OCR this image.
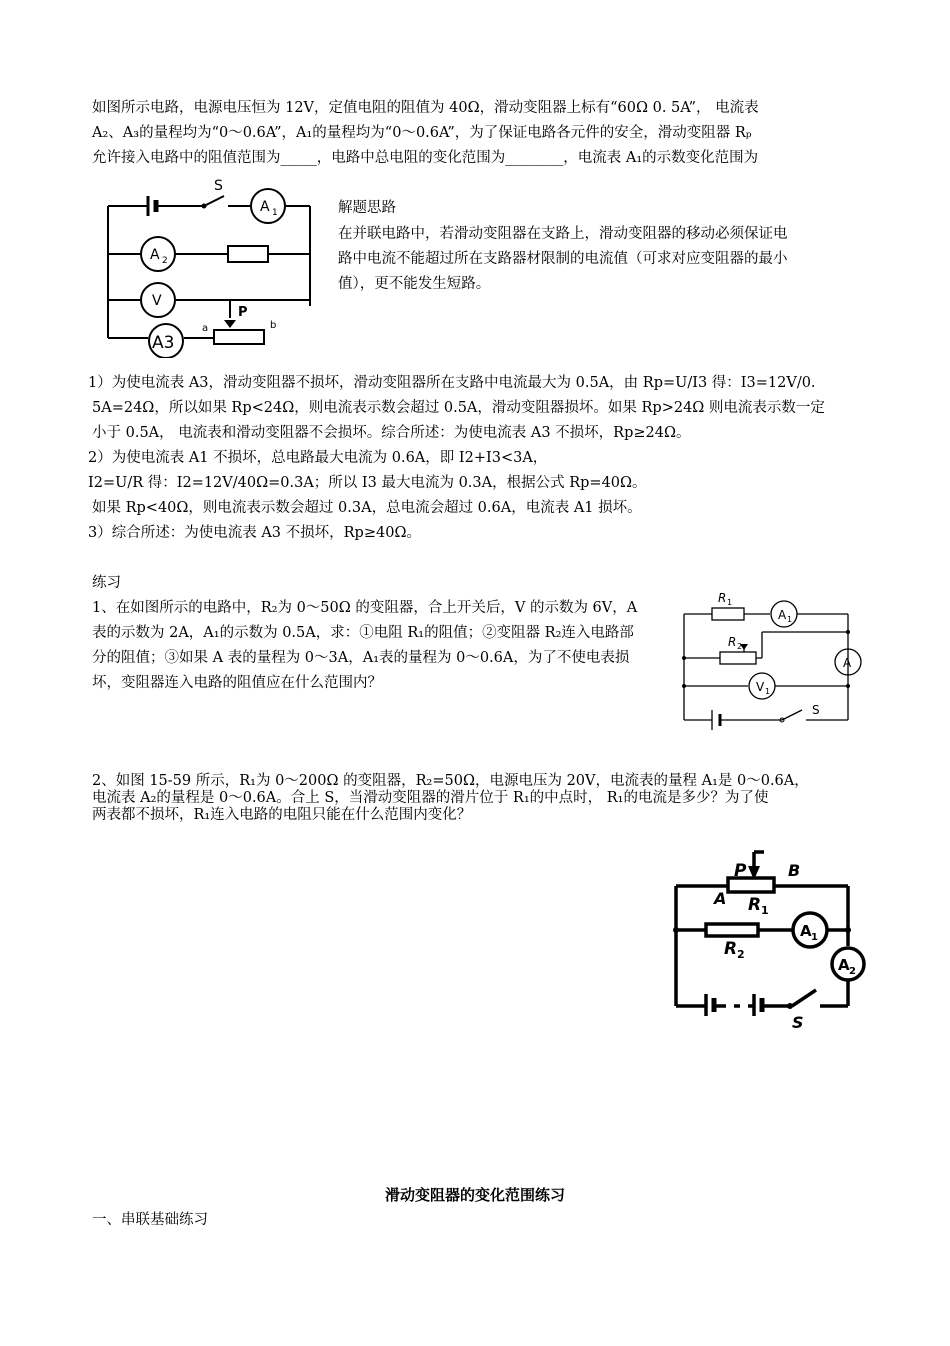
如图所示电路，电源电压恒为 12V，定值电阻的阻值为 40Ω，滑动变阻器上标有“60Ω 0. 5A”， 电流表
A₂、A₃的量程均为“0～0.6A”，A₁的量程均为“0～0.6A”，为了保证电路各元件的安全，滑动变阻器 Rₚ
允许接入电路中的阻值范围为_____，电路中总电阻的变化范围为________，电流表 A₁的示数变化范围为
S
A 1
A 2
V
A3
P
a	b
解题思路
在并联电路中，若滑动变阻器在支路上，滑动变阻器的移动必须保证电
路中电流不能超过所在支路器材限制的电流值（可求对应变阻器的最小
值），更不能发生短路。
1）为使电流表 A3，滑动变阻器不损坏，滑动变阻器所在支路中电流最大为 0.5A，由 Rp=U/I3 得：I3=12V/0.
5A=24Ω，所以如果 Rp<24Ω，则电流表示数会超过 0.5A，滑动变阻器损坏。如果 Rp>24Ω 则电流表示数一定
小于 0.5A， 电流表和滑动变阻器不会损坏。综合所述：为使电流表 A3 不损坏，Rp≥24Ω。
2）为使电流表 A1 不损坏，总电路最大电流为 0.6A，即 I2+I3<3A，
I2=U/R 得：I2=12V/40Ω=0.3A；所以 I3 最大电流为 0.3A，根据公式 Rp=40Ω。
如果 Rp<40Ω，则电流表示数会超过 0.3A，总电流会超过 0.6A，电流表 A1 损坏。
3）综合所述：为使电流表 A3 不损坏，Rp≥40Ω。
练习
1、在如图所示的电路中，R₂为 0～50Ω 的变阻器，合上开关后，V 的示数为 6V，A
表的示数为 2A，A₁的示数为 0.5A，求：①电阻 R₁的阻值；②变阻器 R₂连入电路部
分的阻值；③如果 A 表的量程为 0～3A，A₁表的量程为 0～0.6A，为了不使电表损
坏，变阻器连入电路的阻值应在什么范围内？
R 1
A 1
R 2
A
V 1
S
2、如图 15-59 所示，R₁为 0～200Ω 的变阻器，R₂=50Ω，电源电压为 20V，电流表的量程 A₁是 0～0.6A，
电流表 A₂的量程是 0～0.6A。合上 S，当滑动变阻器的滑片位于 R₁的中点时， R₁的电流是多少？为了使
两表都不损坏，R₁连入电路的电阻只能在什么范围内变化？
P
A
B
R 1
A 1
R 2
A 2
S
滑动变阻器的变化范围练习
一、串联基础练习
